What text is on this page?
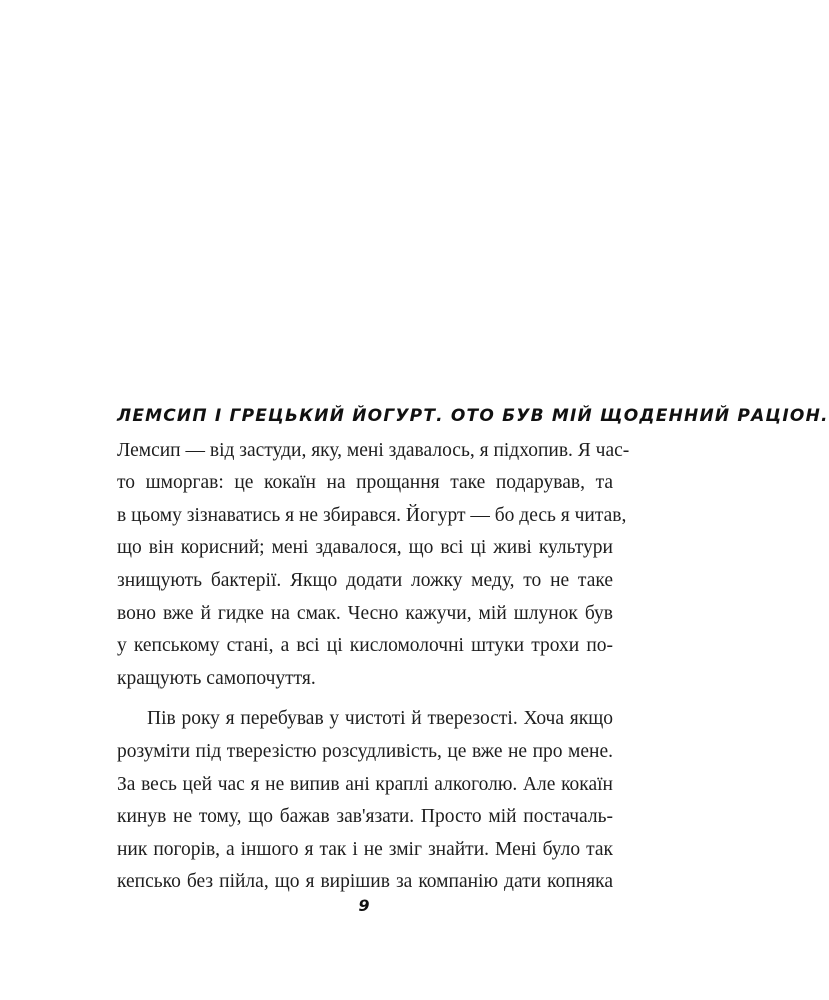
ЛЕМСИП І ГРЕЦЬКИЙ ЙОГУРТ. ОТО БУВ МІЙ ЩОДЕННИЙ РАЦІОН.
Лемсип — від застуди, яку, мені здавалось, я підхопив. Я час-
то шморгав: це кокаїн на прощання таке подарував, та
в цьому зізнаватись я не збирався. Йогурт — бо десь я читав,
що він корисний; мені здавалося, що всі ці живі культури
знищують бактерії. Якщо додати ложку меду, то не таке
воно вже й гидке на смак. Чесно кажучи, мій шлунок був
у кепському стані, а всі ці кисломолочні штуки трохи по-
кращують самопочуття.
Пів року я перебував у чистоті й тверезості. Хоча якщо
розуміти під тверезістю розсудливість, це вже не про мене.
За весь цей час я не випив ані краплі алкоголю. Але кокаїн
кинув не тому, що бажав зав'язати. Просто мій постачаль-
ник погорів, а іншого я так і не зміг знайти. Мені було так
кепсько без пійла, що я вирішив за компанію дати копняка
9
